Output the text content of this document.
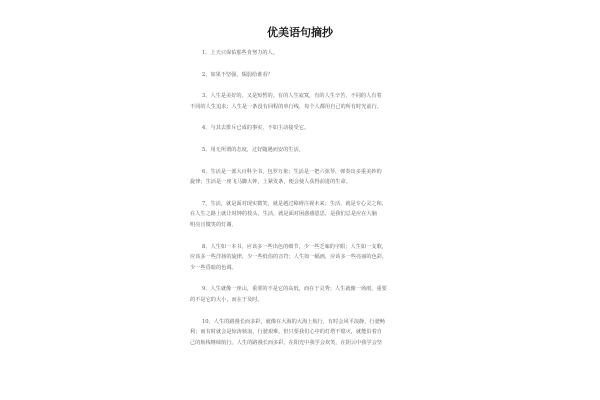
优美语句摘抄
1、上天只保佑那些肯努力的人。
2、如果不坚强，懦弱给谁看？
3、人生是美好的，又是短暂的。有的人生寂寞，有的人生辛苦，不同的人有着
不同的人生追求；人生是一条没有回程的单行线，每个人都用自己的所有时光前行。
4、与其去排斥已成的事实，不如主动接受它。
5、用无所谓的态度，过好随遇而安的生活。
6、生活是一部大百科全书，包罗万象；生活是一把六弦琴，弹奏出多重美妙的
旋律；生活是一座飞马脚大钟，上紧发条，便会使人获得前进的生命。
7、生活，就是面对现实微笑，就是越过障碍注视未来；生活，就是专心灵之和，
在人生之路上就让时钟的枝头，生活，就是面对困惑感恩思，是我们总是应在大脑
明亮且微笑的灯谢。
8、人生如一本书，应该多一些出色的细节，少一些乏味的字眼；人生如一支歌，
应该多一些洋扬的旋律，少一些低俗的音符；人生如一幅画，应该多一些亮丽的色彩，
少一些昏暗的色调。
9、人生就像一座山，重要的不是它的高低，而在于灵秀；人生就像一场雨，重要
的不是它的大小，而在于及时。
10、人生的路漫长而多彩，就像在大海的大海上航行，有时会风平浪静，行驶畅
利；而有时就会是惊涛骇浪，行驶艰难。但只要我们心中的灯塔不熄灭，就能沿着自
己的航线继续航行。人生的路漫长而多彩，在阳光中我学会欢笑，在阴云中我学会坚
